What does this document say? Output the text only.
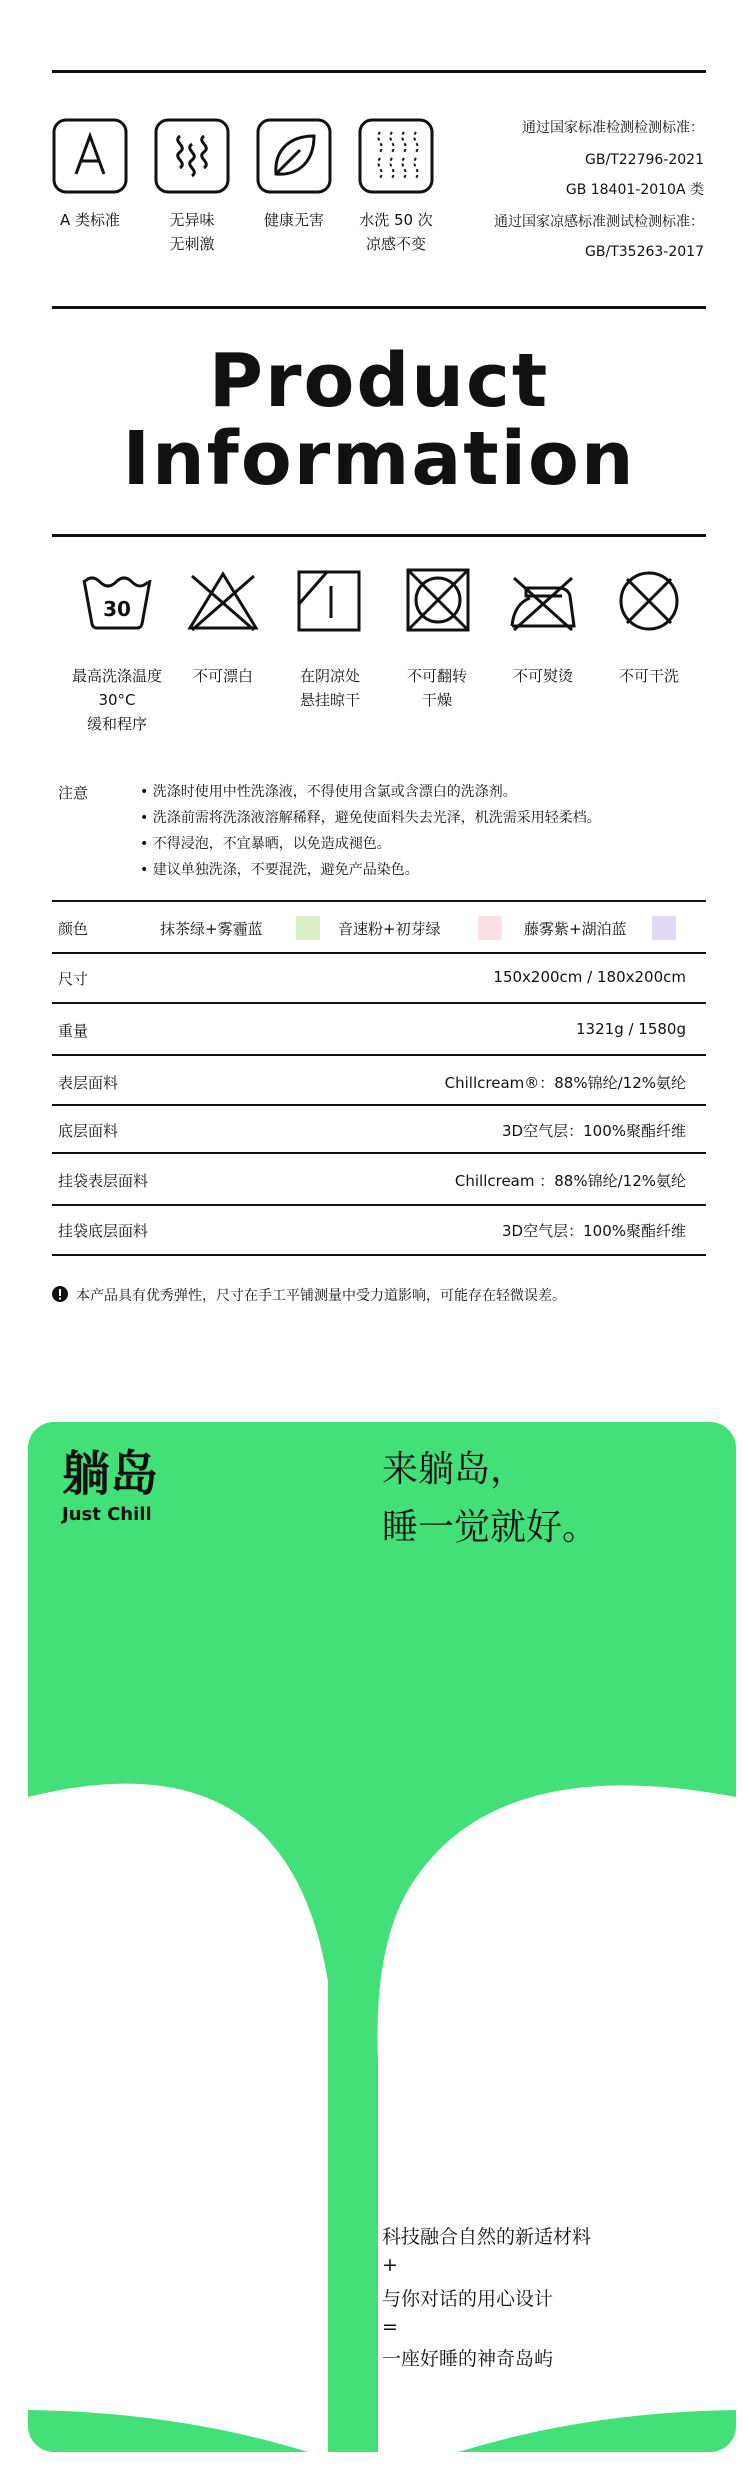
A 类标准	无异味
无刺激
健康无害	水洗 50 次
凉感不变
通过国家标准检测检测标准：
GB/T22796-2021
GB 18401-2010A 类
通过国家凉感标准测试检测标准：
GB/T35263-2017
Product
Information
30
最高洗涤温度
30°C
缓和程序
不可漂白	在阴凉处
悬挂晾干
不可翻转
干燥
不可熨烫	不可干洗
注意	• 洗涤时使用中性洗涤液，不得使用含氯或含漂白的洗涤剂。
• 洗涤前需将洗涤液溶解稀释，避免使面料失去光泽，机洗需采用轻柔档。
• 不得浸泡，不宜暴晒，以免造成褪色。
• 建议单独洗涤，不要混洗，避免产品染色。
颜色	抹茶绿+雾霾蓝	音速粉+初芽绿	藤雾紫+湖泊蓝
尺寸	150x200cm / 180x200cm
重量	1321g / 1580g
表层面料	Chillcream®：88%锦纶/12%氨纶
底层面料	3D空气层：100%聚酯纤维
挂袋表层面料	Chillcream ：88%锦纶/12%氨纶
挂袋底层面料	3D空气层：100%聚酯纤维
本产品具有优秀弹性，尺寸在手工平铺测量中受力道影响，可能存在轻微误差。
躺岛
Just Chill
来躺岛，
睡一觉就好。
科技融合自然的新适材料
+
与你对话的用心设计
=
一座好睡的神奇岛屿
